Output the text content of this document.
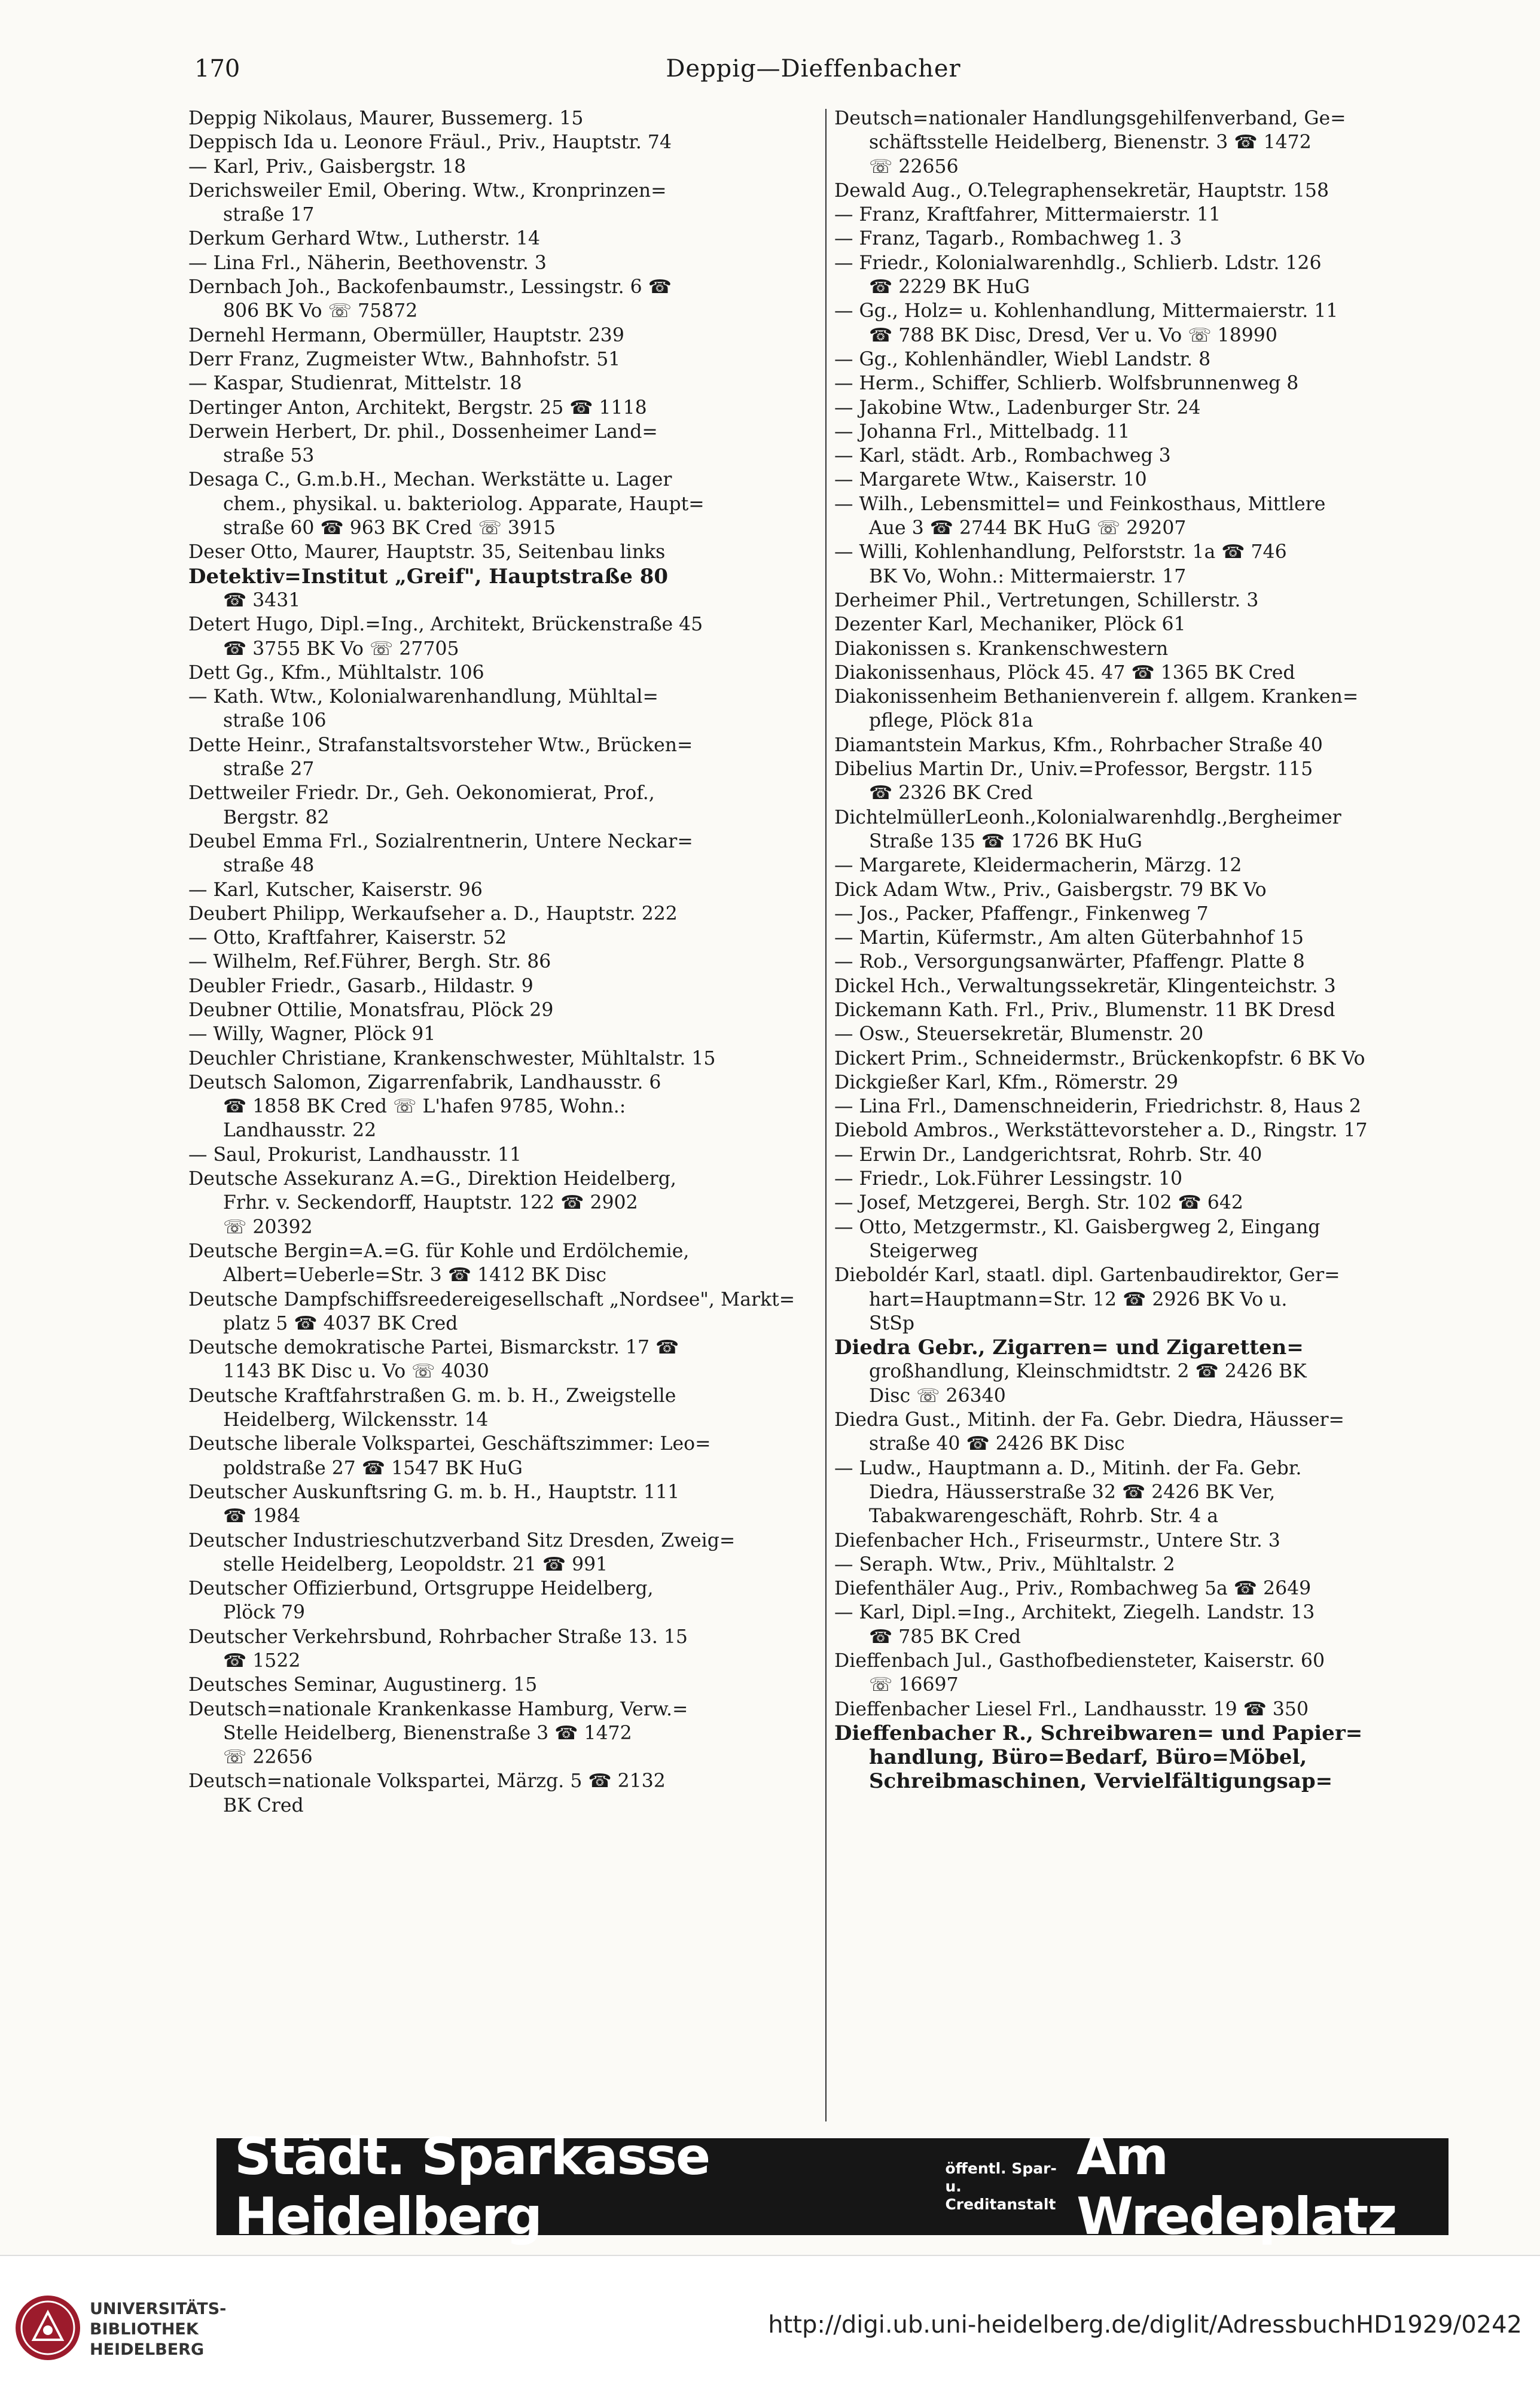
170	Deppig—Dieffenbacher
Deppig Nikolaus, Maurer, Bussemerg. 15
Deppisch Ida u. Leonore Fräul., Priv., Hauptstr. 74
— Karl, Priv., Gaisbergstr. 18
Derichsweiler Emil, Obering. Wtw., Kronprinzen=
straße 17
Derkum Gerhard Wtw., Lutherstr. 14
— Lina Frl., Näherin, Beethovenstr. 3
Dernbach Joh., Backofenbaumstr., Lessingstr. 6 ☎
806 BK Vo ☏ 75872
Dernehl Hermann, Obermüller, Hauptstr. 239
Derr Franz, Zugmeister Wtw., Bahnhofstr. 51
— Kaspar, Studienrat, Mittelstr. 18
Dertinger Anton, Architekt, Bergstr. 25 ☎ 1118
Derwein Herbert, Dr. phil., Dossenheimer Land=
straße 53
Desaga C., G.m.b.H., Mechan. Werkstätte u. Lager
chem., physikal. u. bakteriolog. Apparate, Haupt=
straße 60 ☎ 963 BK Cred ☏ 3915
Deser Otto, Maurer, Hauptstr. 35, Seitenbau links
Detektiv=Institut „Greif", Hauptstraße 80
☎ 3431
Detert Hugo, Dipl.=Ing., Architekt, Brückenstraße 45
☎ 3755 BK Vo ☏ 27705
Dett Gg., Kfm., Mühltalstr. 106
— Kath. Wtw., Kolonialwarenhandlung, Mühltal=
straße 106
Dette Heinr., Strafanstaltsvorsteher Wtw., Brücken=
straße 27
Dettweiler Friedr. Dr., Geh. Oekonomierat, Prof.,
Bergstr. 82
Deubel Emma Frl., Sozialrentnerin, Untere Neckar=
straße 48
— Karl, Kutscher, Kaiserstr. 96
Deubert Philipp, Werkaufseher a. D., Hauptstr. 222
— Otto, Kraftfahrer, Kaiserstr. 52
— Wilhelm, Ref.Führer, Bergh. Str. 86
Deubler Friedr., Gasarb., Hildastr. 9
Deubner Ottilie, Monatsfrau, Plöck 29
— Willy, Wagner, Plöck 91
Deuchler Christiane, Krankenschwester, Mühltalstr. 15
Deutsch Salomon, Zigarrenfabrik, Landhausstr. 6
☎ 1858 BK Cred ☏ L'hafen 9785, Wohn.:
Landhausstr. 22
— Saul, Prokurist, Landhausstr. 11
Deutsche Assekuranz A.=G., Direktion Heidelberg,
Frhr. v. Seckendorff, Hauptstr. 122 ☎ 2902
☏ 20392
Deutsche Bergin=A.=G. für Kohle und Erdölchemie,
Albert=Ueberle=Str. 3 ☎ 1412 BK Disc
Deutsche Dampfschiffsreedereigesellschaft „Nordsee", Markt=
platz 5 ☎ 4037 BK Cred
Deutsche demokratische Partei, Bismarckstr. 17 ☎
1143 BK Disc u. Vo ☏ 4030
Deutsche Kraftfahrstraßen G. m. b. H., Zweigstelle
Heidelberg, Wilckensstr. 14
Deutsche liberale Volkspartei, Geschäftszimmer: Leo=
poldstraße 27 ☎ 1547 BK HuG
Deutscher Auskunftsring G. m. b. H., Hauptstr. 111
☎ 1984
Deutscher Industrieschutzverband Sitz Dresden, Zweig=
stelle Heidelberg, Leopoldstr. 21 ☎ 991
Deutscher Offizierbund, Ortsgruppe Heidelberg,
Plöck 79
Deutscher Verkehrsbund, Rohrbacher Straße 13. 15
☎ 1522
Deutsches Seminar, Augustinerg. 15
Deutsch=nationale Krankenkasse Hamburg, Verw.=
Stelle Heidelberg, Bienenstraße 3 ☎ 1472
☏ 22656
Deutsch=nationale Volkspartei, Märzg. 5 ☎ 2132
BK Cred
Deutsch=nationaler Handlungsgehilfenverband, Ge=
schäftsstelle Heidelberg, Bienenstr. 3 ☎ 1472
☏ 22656
Dewald Aug., O.Telegraphensekretär, Hauptstr. 158
— Franz, Kraftfahrer, Mittermaierstr. 11
— Franz, Tagarb., Rombachweg 1. 3
— Friedr., Kolonialwarenhdlg., Schlierb. Ldstr. 126
☎ 2229 BK HuG
— Gg., Holz= u. Kohlenhandlung, Mittermaierstr. 11
☎ 788 BK Disc, Dresd, Ver u. Vo ☏ 18990
— Gg., Kohlenhändler, Wiebl Landstr. 8
— Herm., Schiffer, Schlierb. Wolfsbrunnenweg 8
— Jakobine Wtw., Ladenburger Str. 24
— Johanna Frl., Mittelbadg. 11
— Karl, städt. Arb., Rombachweg 3
— Margarete Wtw., Kaiserstr. 10
— Wilh., Lebensmittel= und Feinkosthaus, Mittlere
Aue 3 ☎ 2744 BK HuG ☏ 29207
— Willi, Kohlenhandlung, Pelforststr. 1a ☎ 746
BK Vo, Wohn.: Mittermaierstr. 17
Derheimer Phil., Vertretungen, Schillerstr. 3
Dezenter Karl, Mechaniker, Plöck 61
Diakonissen s. Krankenschwestern
Diakonissenhaus, Plöck 45. 47 ☎ 1365 BK Cred
Diakonissenheim Bethanienverein f. allgem. Kranken=
pflege, Plöck 81a
Diamantstein Markus, Kfm., Rohrbacher Straße 40
Dibelius Martin Dr., Univ.=Professor, Bergstr. 115
☎ 2326 BK Cred
DichtelmüllerLeonh.,Kolonialwarenhdlg.,Bergheimer
Straße 135 ☎ 1726 BK HuG
— Margarete, Kleidermacherin, Märzg. 12
Dick Adam Wtw., Priv., Gaisbergstr. 79 BK Vo
— Jos., Packer, Pfaffengr., Finkenweg 7
— Martin, Küfermstr., Am alten Güterbahnhof 15
— Rob., Versorgungsanwärter, Pfaffengr. Platte 8
Dickel Hch., Verwaltungssekretär, Klingenteichstr. 3
Dickemann Kath. Frl., Priv., Blumenstr. 11 BK Dresd
— Osw., Steuersekretär, Blumenstr. 20
Dickert Prim., Schneidermstr., Brückenkopfstr. 6 BK Vo
Dickgießer Karl, Kfm., Römerstr. 29
— Lina Frl., Damenschneiderin, Friedrichstr. 8, Haus 2
Diebold Ambros., Werkstättevorsteher a. D., Ringstr. 17
— Erwin Dr., Landgerichtsrat, Rohrb. Str. 40
— Friedr., Lok.Führer Lessingstr. 10
— Josef, Metzgerei, Bergh. Str. 102 ☎ 642
— Otto, Metzgermstr., Kl. Gaisbergweg 2, Eingang
Steigerweg
Dieboldér Karl, staatl. dipl. Gartenbaudirektor, Ger=
hart=Hauptmann=Str. 12 ☎ 2926 BK Vo u.
StSp
Diedra Gebr., Zigarren= und Zigaretten=
großhandlung, Kleinschmidtstr. 2 ☎ 2426 BK
Disc ☏ 26340
Diedra Gust., Mitinh. der Fa. Gebr. Diedra, Häusser=
straße 40 ☎ 2426 BK Disc
— Ludw., Hauptmann a. D., Mitinh. der Fa. Gebr.
Diedra, Häusserstraße 32 ☎ 2426 BK Ver,
Tabakwarengeschäft, Rohrb. Str. 4 a
Diefenbacher Hch., Friseurmstr., Untere Str. 3
— Seraph. Wtw., Priv., Mühltalstr. 2
Diefenthäler Aug., Priv., Rombachweg 5a ☎ 2649
— Karl, Dipl.=Ing., Architekt, Ziegelh. Landstr. 13
☎ 785 BK Cred
Dieffenbach Jul., Gasthofbediensteter, Kaiserstr. 60
☏ 16697
Dieffenbacher Liesel Frl., Landhausstr. 19 ☎ 350
Dieffenbacher R., Schreibwaren= und Papier=
handlung, Büro=Bedarf, Büro=Möbel,
Schreibmaschinen, Vervielfältigungsap=
Städt. Sparkasse Heidelberg
öffentl. Spar- u.
Creditanstalt
Am Wredeplatz
UNIVERSITÄTS-
BIBLIOTHEK
HEIDELBERG
http://digi.ub.uni-heidelberg.de/diglit/AdressbuchHD1929/0242
